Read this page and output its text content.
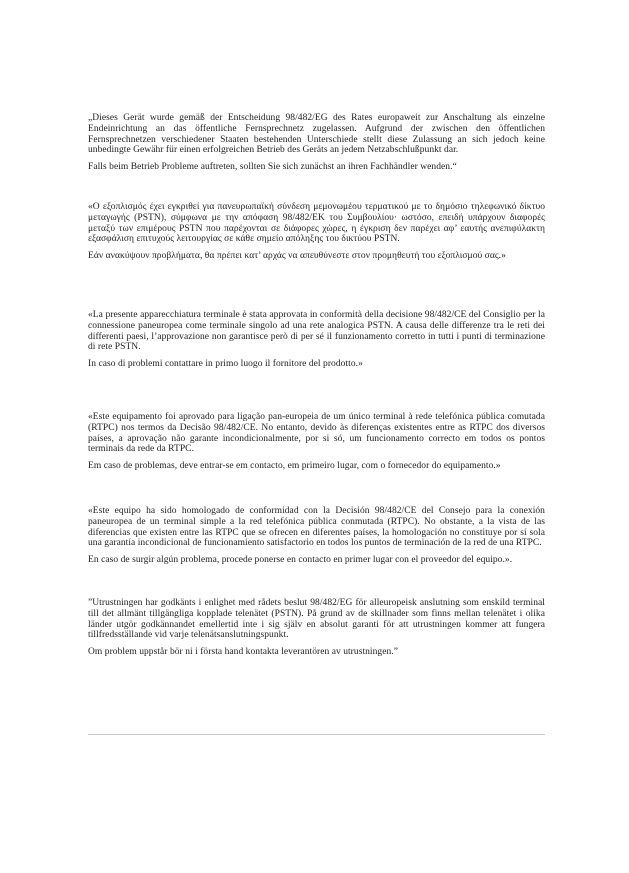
„Dieses Gerät wurde gemäß der Entscheidung 98/482/EG des Rates europaweit zur Anschaltung als einzelne Endeinrichtung an das öffentliche Fernsprechnetz zugelassen. Aufgrund der zwischen den öffentlichen Fernsprechnetzen verschiedener Staaten bestehenden Unterschiede stellt diese Zulassung an sich jedoch keine unbedingte Gewähr für einen erfolgreichen Betrieb des Geräts an jedem Netzabschlußpunkt dar.

Falls beim Betrieb Probleme auftreten, sollten Sie sich zunächst an ihren Fachhändler wenden.“

«Ο εξοπλισμός έχει εγκριθεί για πανευρωπαϊκή σύνδεση μεμονωμέου τερματικού με το δημόσιο τηλεφωνικό δίκτυο μεταγωγής (PSTN), σύμφωνα με την απόφαση 98/482/ΕΚ του Συμβουλίου· ωστόσο, επειδή υπάρχουν διαφορές μεταξύ των επιμέρους PSTN που παρέχονται σε διάφορες χώρες, η έγκριση δεν παρέχει αφ’ εαυτής ανεπιφύλακτη εξασφάλιση επιτυχούς λειτουργίας σε κάθε σημείο απόληξης του δικτύου PSTN.

Εάν ανακύψουν προβλήματα, θα πρέπει κατ’ αρχάς να απευθύνεστε στον προμηθευτή του εξοπλισμού σας.»

«La presente apparecchiatura terminale è stata approvata in conformità della decisione 98/482/CE del Consiglio per la connessione paneuropea come terminale singolo ad una rete analogica PSTN. A causa delle differenze tra le reti dei differenti paesi, l’approvazione non garantisce però di per sé il funzionamento corretto in tutti i punti di terminazione di rete PSTN.

In caso di problemi contattare in primo luogo il fornitore del prodotto.»

«Este equipamento foi aprovado para ligação pan-europeia de um único terminal à rede telefónica pública comutada (RTPC) nos termos da Decisão 98/482/CE. No entanto, devido às diferenças existentes entre as RTPC dos diversos países, a aprovação não garante incondicionalmente, por si só, um funcionamento correcto em todos os pontos terminais da rede da RTPC.

Em caso de problemas, deve entrar-se em contacto, em primeiro lugar, com o fornecedor do equipamento.»

«Este equipo ha sido homologado de conformidad con la Decisión 98/482/CE del Consejo para la conexión paneuropea de un terminal simple a la red telefónica pública conmutada (RTPC). No obstante, a la vista de las diferencias que existen entre las RTPC que se ofrecen en diferentes países, la homologación no constituye por sí sola una garantía incondicional de funcionamiento satisfactorio en todos los puntos de terminación de la red de una RTPC.

En caso de surgir algún problema, procede ponerse en contacto en primer lugar con el proveedor del equipo.».

”Utrustningen har godkänts i enlighet med rådets beslut 98/482/EG för alleuropeisk anslutning som enskild terminal till det allmänt tillgängliga kopplade telenätet (PSTN). På grund av de skillnader som finns mellan telenätet i olika länder utgör godkännandet emellertid inte i sig själv en absolut garanti för att utrustningen kommer att fungera tillfredsställande vid varje telenätsanslutningspunkt.

Om problem uppstår bör ni i första hand kontakta leverantören av utrustningen.”
